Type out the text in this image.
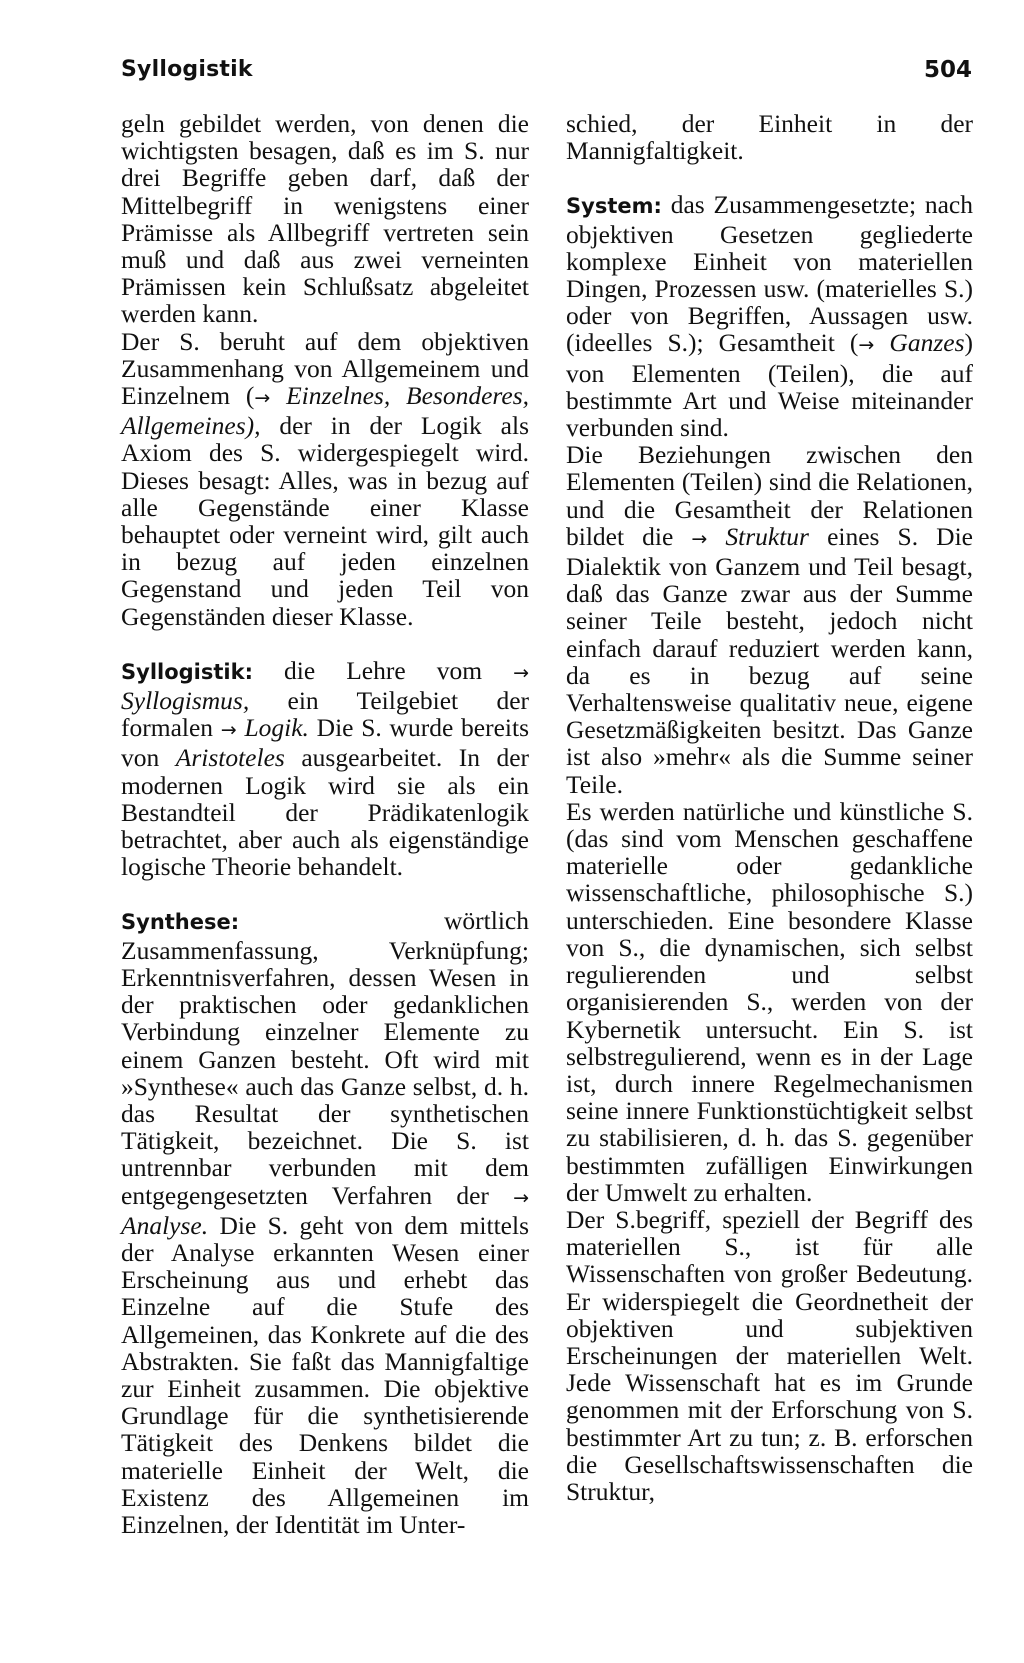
Syllogistik	504

geln gebildet werden, von denen die wichtigsten besagen, daß es im S. nur drei Begriffe geben darf, daß der Mittelbegriff in wenigstens einer Prämisse als Allbegriff vertreten sein muß und daß aus zwei verneinten Prämissen kein Schlußsatz abgeleitet werden kann.

Der S. beruht auf dem objektiven Zusammenhang von Allgemeinem und Einzelnem (→ Einzelnes, Besonderes, Allgemeines), der in der Logik als Axiom des S. widergespiegelt wird. Dieses besagt: Alles, was in bezug auf alle Gegenstände einer Klasse behauptet oder verneint wird, gilt auch in bezug auf jeden einzelnen Gegenstand und jeden Teil von Gegenständen dieser Klasse.

Syllogistik: die Lehre vom → Syllogismus, ein Teilgebiet der formalen → Logik. Die S. wurde bereits von Aristoteles ausgearbeitet. In der modernen Logik wird sie als ein Bestandteil der Prädikatenlogik betrachtet, aber auch als eigenständige logische Theorie behandelt.

Synthese: wörtlich Zusammenfassung, Verknüpfung; Erkenntnisverfahren, dessen Wesen in der praktischen oder gedanklichen Verbindung einzelner Elemente zu einem Ganzen besteht. Oft wird mit »Synthese« auch das Ganze selbst, d. h. das Resultat der synthetischen Tätigkeit, bezeichnet. Die S. ist untrennbar verbunden mit dem entgegengesetzten Verfahren der → Analyse. Die S. geht von dem mittels der Analyse erkannten Wesen einer Erscheinung aus und erhebt das Einzelne auf die Stufe des Allgemeinen, das Konkrete auf die des Abstrakten. Sie faßt das Mannigfaltige zur Einheit zusammen. Die objektive Grundlage für die synthetisierende Tätigkeit des Denkens bildet die materielle Einheit der Welt, die Existenz des Allgemeinen im Einzelnen, der Identität im Unter-

schied, der Einheit in der Mannigfaltigkeit.

System: das Zusammengesetzte; nach objektiven Gesetzen gegliederte komplexe Einheit von materiellen Dingen, Prozessen usw. (materielles S.) oder von Begriffen, Aussagen usw. (ideelles S.); Gesamtheit (→ Ganzes) von Elementen (Teilen), die auf bestimmte Art und Weise miteinander verbunden sind.

Die Beziehungen zwischen den Elementen (Teilen) sind die Relationen, und die Gesamtheit der Relationen bildet die → Struktur eines S. Die Dialektik von Ganzem und Teil besagt, daß das Ganze zwar aus der Summe seiner Teile besteht, jedoch nicht einfach darauf reduziert werden kann, da es in bezug auf seine Verhaltensweise qualitativ neue, eigene Gesetzmäßigkeiten besitzt. Das Ganze ist also »mehr« als die Summe seiner Teile.

Es werden natürliche und künstliche S. (das sind vom Menschen geschaffene materielle oder gedankliche wissenschaftliche, philosophische S.) unterschieden. Eine besondere Klasse von S., die dynamischen, sich selbst regulierenden und selbst organisierenden S., werden von der Kybernetik untersucht. Ein S. ist selbstregulierend, wenn es in der Lage ist, durch innere Regelmechanismen seine innere Funktionstüchtigkeit selbst zu stabilisieren, d. h. das S. gegenüber bestimmten zufälligen Einwirkungen der Umwelt zu erhalten.

Der S.begriff, speziell der Begriff des materiellen S., ist für alle Wissenschaften von großer Bedeutung. Er widerspiegelt die Geordnetheit der objektiven und subjektiven Erscheinungen der materiellen Welt. Jede Wissenschaft hat es im Grunde genommen mit der Erforschung von S. bestimmter Art zu tun; z. B. erforschen die Gesellschaftswissenschaften die Struktur,
